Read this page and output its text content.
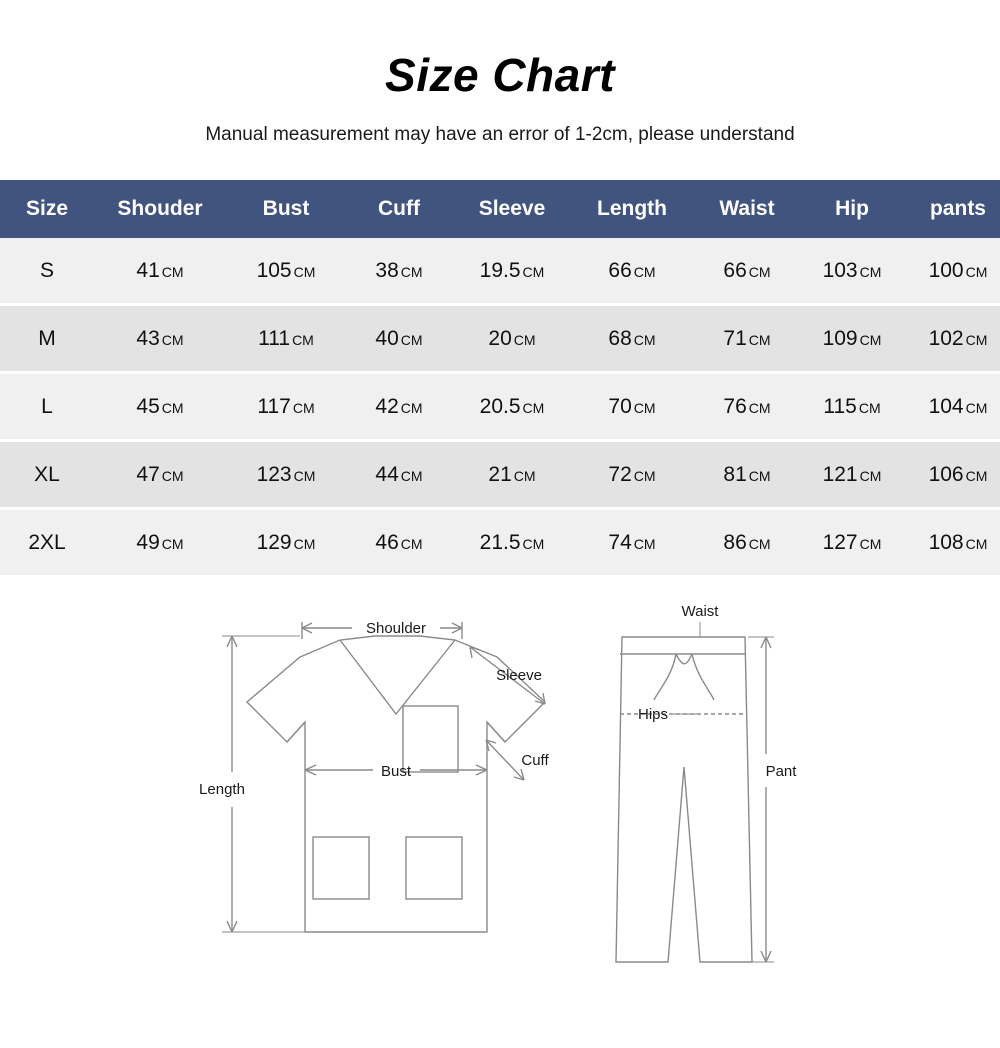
Size Chart
Manual measurement may have an error of 1-2cm, please understand
Size	Shouder	Bust	Cuff	Sleeve	Length	Waist	Hip	pants
S	41 CM	105 CM	38 CM	19.5 CM	66 CM	66 CM	103 CM	100 CM
M	43 CM	111 CM	40 CM	20 CM	68 CM	71 CM	109 CM	102 CM
L	45 CM	117 CM	42 CM	20.5 CM	70 CM	76 CM	115 CM	104 CM
XL	47 CM	123 CM	44 CM	21 CM	72 CM	81 CM	121 CM	106 CM
2XL	49 CM	129 CM	46 CM	21.5 CM	74 CM	86 CM	127 CM	108 CM
Shoulder
Sleeve
Bust
Cuff
Length
Waist
Hips
Pant
